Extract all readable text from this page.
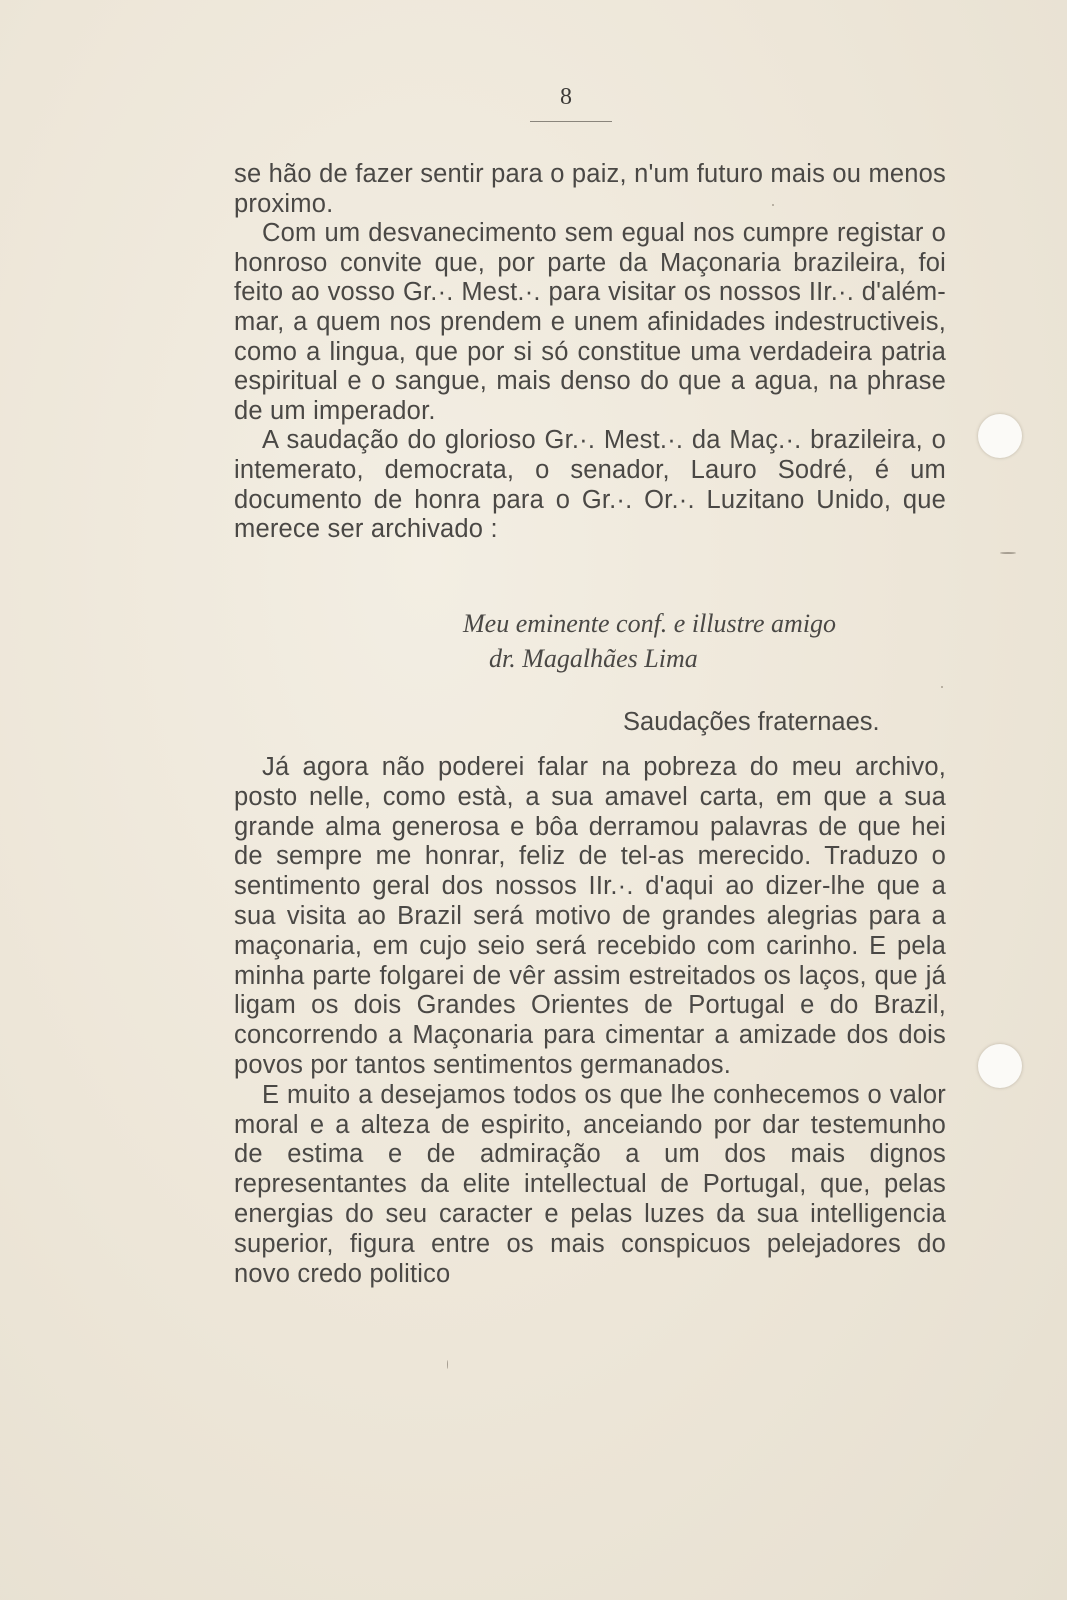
8

se hão de fazer sentir para o paiz, n'um futuro mais ou menos proximo.

Com um desvanecimento sem egual nos cumpre registar o honroso convite que, por parte da Maçonaria brazileira, foi feito ao vosso Gr.·. Mest.·. para visitar os nossos IIr.·. d'além-mar, a quem nos prendem e unem afinidades indestructiveis, como a lingua, que por si só constitue uma verdadeira patria espiritual e o sangue, mais denso do que a agua, na phrase de um imperador.

A saudação do glorioso Gr.·. Mest.·. da Maç.·. brazileira, o intemerato, democrata, o senador, Lauro Sodré, é um documento de honra para o Gr.·. Or.·. Luzitano Unido, que merece ser archivado :

Meu eminente conf. e illustre amigo
dr. Magalhães Lima
Saudações fraternaes.

Já agora não poderei falar na pobreza do meu archivo, posto nelle, como està, a sua amavel carta, em que a sua grande alma generosa e bôa derramou palavras de que hei de sempre me honrar, feliz de tel-as merecido. Traduzo o sentimento geral dos nossos IIr.·. d'aqui ao dizer-lhe que a sua visita ao Brazil será motivo de grandes alegrias para a maçonaria, em cujo seio será recebido com carinho. E pela minha parte folgarei de vêr assim estreitados os laços, que já ligam os dois Grandes Orientes de Portugal e do Brazil, concorrendo a Maçonaria para cimentar a amizade dos dois povos por tantos sentimentos germanados.

E muito a desejamos todos os que lhe conhecemos o valor moral e a alteza de espirito, anceiando por dar testemunho de estima e de admiração a um dos mais dignos representantes da elite intellectual de Portugal, que, pelas energias do seu caracter e pelas luzes da sua intelligencia superior, figura entre os mais conspicuos pelejadores do novo credo politico
